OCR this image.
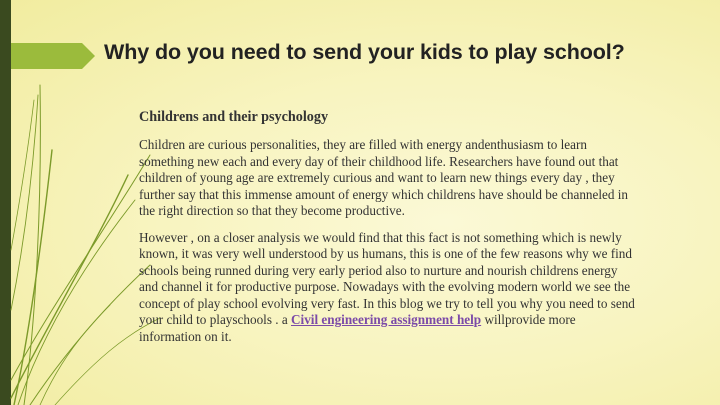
Why do you need to send your kids to play school?

Childrens and their psychology

Children are curious personalities, they are filled with energy andenthusiasm to learn something new each and every day of their childhood life. Researchers have found out that children of young age are extremely curious and want to learn new things every day , they further say that this immense amount of energy which childrens have should be channeled in the right direction so that they become productive.

However , on a closer analysis we would find that this fact is not something which is newly known, it was very well understood by us humans, this is one of the few reasons why we find schools being runned during very early period also to nurture and nourish childrens energy and channel it for productive purpose. Nowadays with the evolving modern world we see the concept of play school evolving very fast. In this blog we try to tell you why you need to send your child to playschools . a Civil engineering assignment help willprovide more information on it.
